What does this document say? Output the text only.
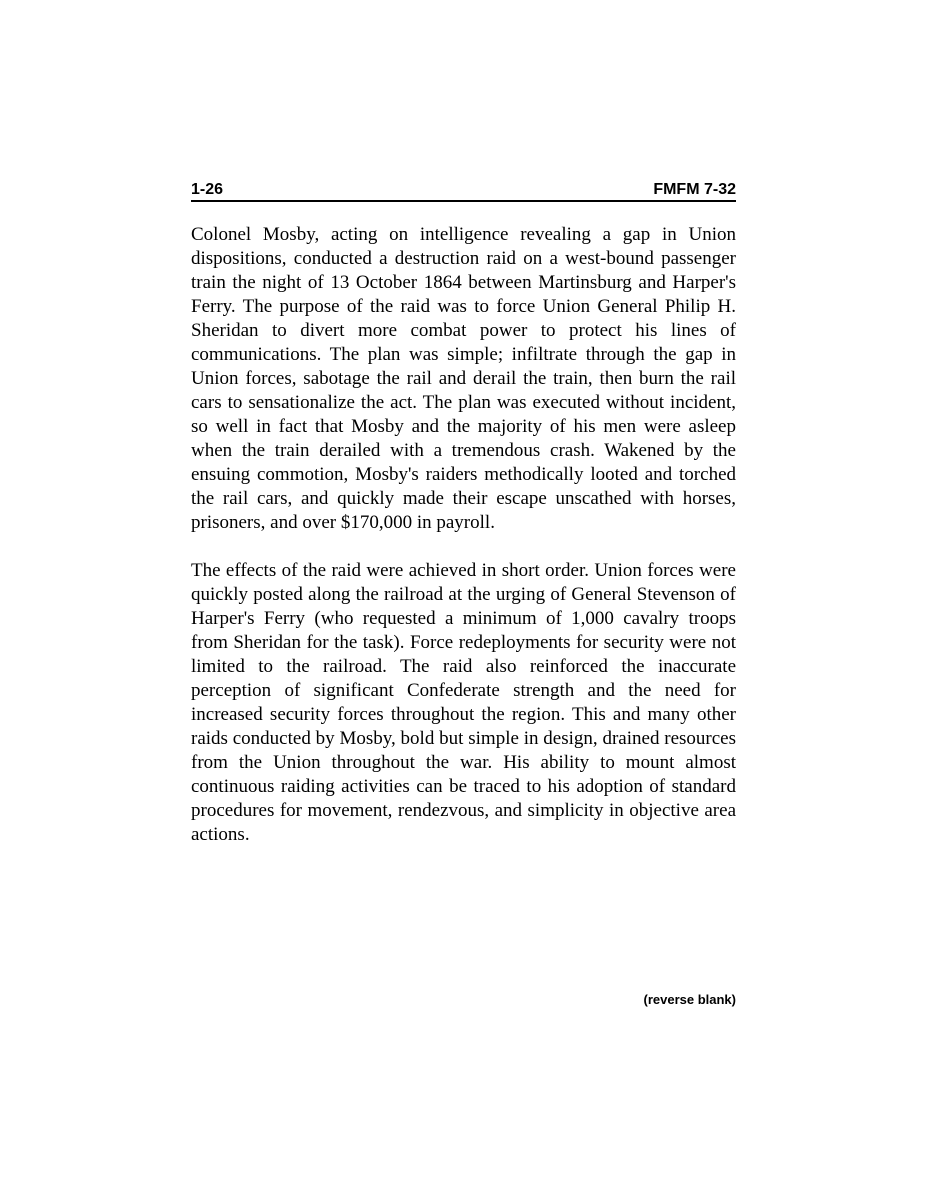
1-26	FMFM 7-32

Colonel Mosby, acting on intelligence revealing a gap in Union dispositions, conducted a destruction raid on a west-bound passenger train the night of 13 October 1864 between Martinsburg and Harper's Ferry. The purpose of the raid was to force Union General Philip H. Sheridan to divert more combat power to protect his lines of communications. The plan was simple; infiltrate through the gap in Union forces, sabotage the rail and derail the train, then burn the rail cars to sensationalize the act. The plan was executed without incident, so well in fact that Mosby and the majority of his men were asleep when the train derailed with a tremendous crash. Wakened by the ensuing commotion, Mosby's raiders methodically looted and torched the rail cars, and quickly made their escape unscathed with horses, prisoners, and over $170,000 in payroll.

The effects of the raid were achieved in short order. Union forces were quickly posted along the railroad at the urging of General Stevenson of Harper's Ferry (who requested a minimum of 1,000 cavalry troops from Sheridan for the task). Force redeployments for security were not limited to the railroad. The raid also reinforced the inaccurate perception of significant Confederate strength and the need for increased security forces throughout the region. This and many other raids conducted by Mosby, bold but simple in design, drained resources from the Union throughout the war. His ability to mount almost continuous raiding activities can be traced to his adoption of standard procedures for movement, rendezvous, and simplicity in objective area actions.

(reverse blank)
